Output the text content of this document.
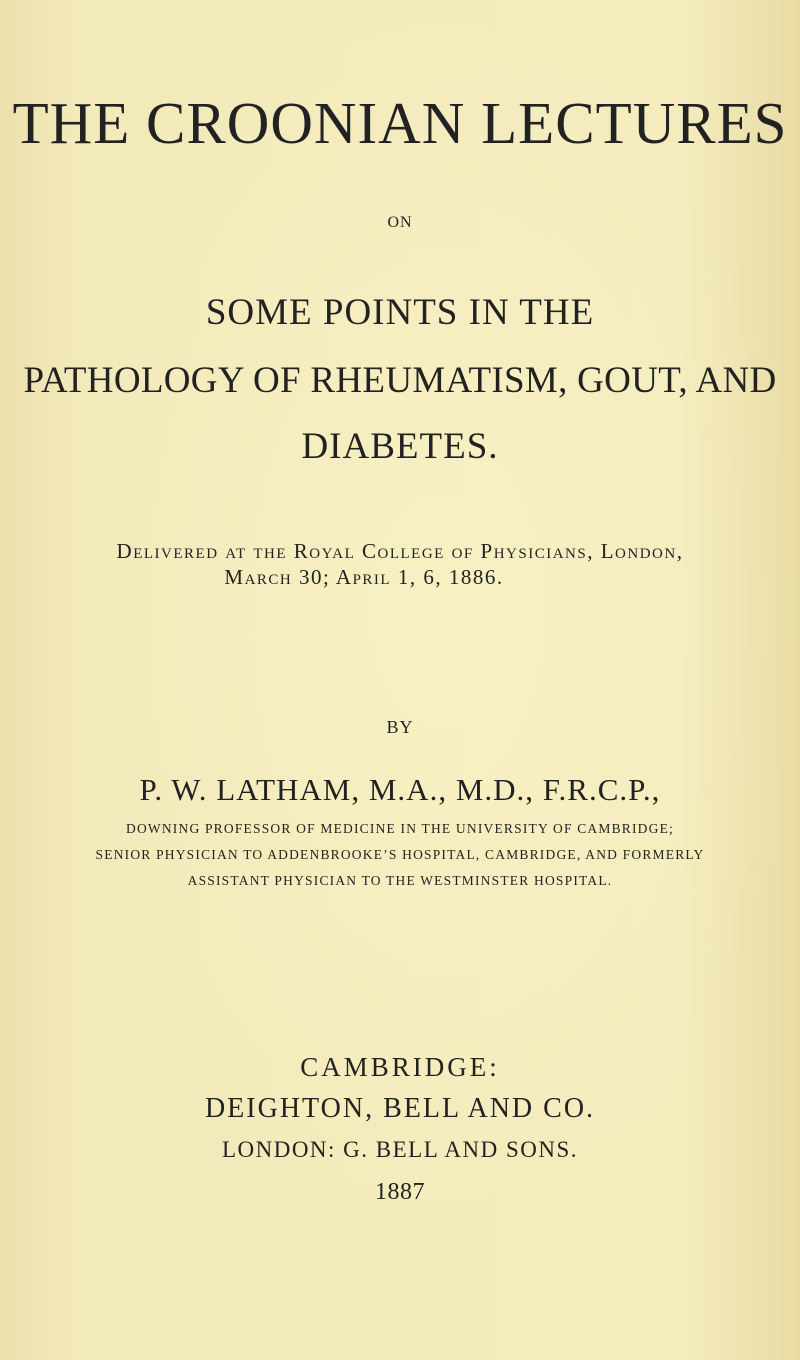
THE CROONIAN LECTURES
ON
SOME POINTS IN THE
PATHOLOGY OF RHEUMATISM, GOUT, AND
DIABETES.
Delivered at the Royal College of Physicians, London,
March 30; April 1, 6, 1886.
BY
P. W. LATHAM, M.A., M.D., F.R.C.P.,
DOWNING PROFESSOR OF MEDICINE IN THE UNIVERSITY OF CAMBRIDGE;
SENIOR PHYSICIAN TO ADDENBROOKE’S HOSPITAL, CAMBRIDGE, AND FORMERLY
ASSISTANT PHYSICIAN TO THE WESTMINSTER HOSPITAL.
CAMBRIDGE:
DEIGHTON, BELL AND CO.
LONDON: G. BELL AND SONS.
1887
